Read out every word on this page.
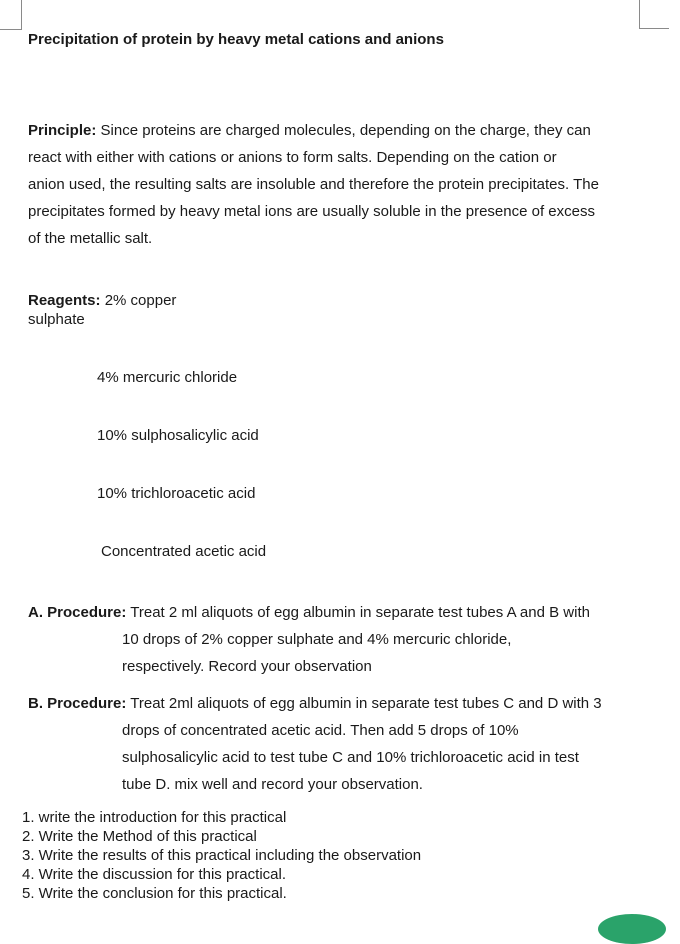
Precipitation of protein by heavy metal cations and anions
Principle: Since proteins are charged molecules, depending on the charge, they can
react with either with cations or anions to form salts. Depending on the cation or
anion used, the resulting salts are insoluble and therefore the protein precipitates. The
precipitates formed by heavy metal ions are usually soluble in the presence of excess
of the metallic salt.
Reagents: 2% copper
sulphate
4% mercuric chloride
10% sulphosalicylic acid
10% trichloroacetic acid
Concentrated acetic acid
A. Procedure: Treat 2 ml aliquots of egg albumin in separate test tubes A and B with
10 drops of 2% copper sulphate and 4% mercuric chloride,
respectively. Record your observation
B. Procedure: Treat 2ml aliquots of egg albumin in separate test tubes C and D with 3
drops of concentrated acetic acid. Then add 5 drops of 10%
sulphosalicylic acid to test tube C and 10% trichloroacetic acid in test
tube D. mix well and record your observation.
1. write the introduction for this practical
2. Write the Method of this practical
3. Write the results of this practical including the observation
4. Write the discussion for this practical.
5. Write the conclusion for this practical.
